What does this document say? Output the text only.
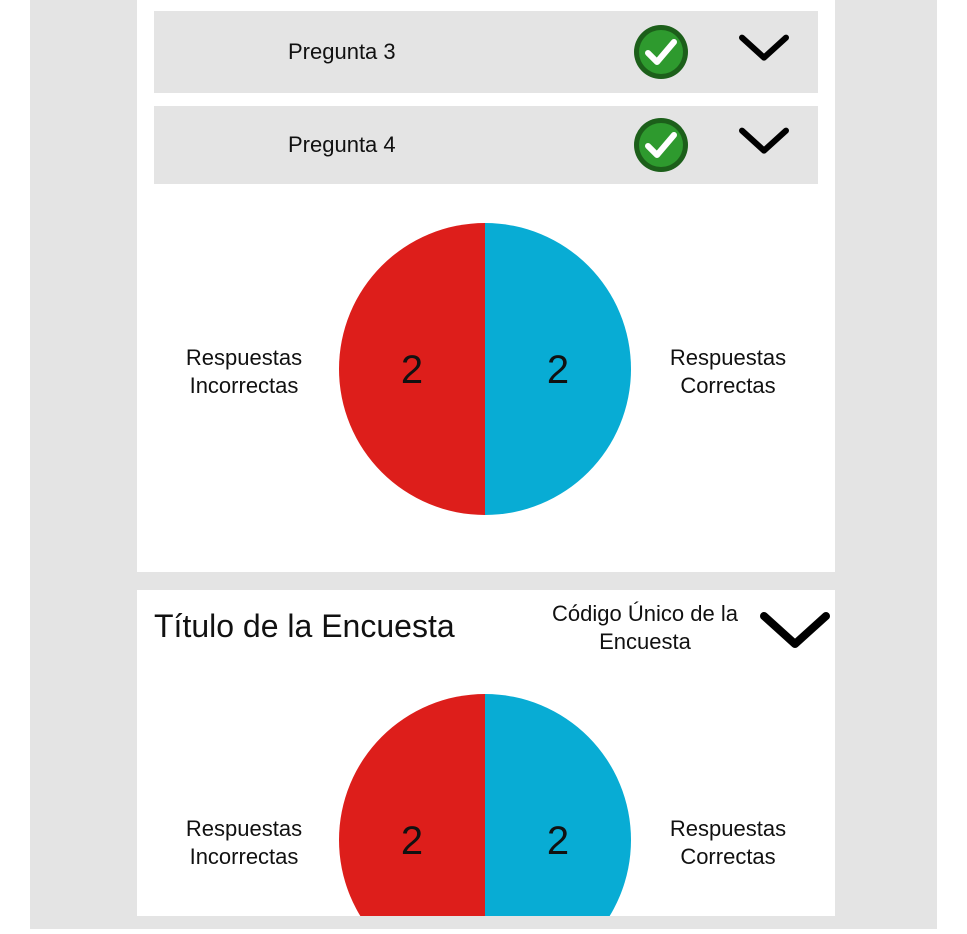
Pregunta 3
Pregunta 4
Respuestas
Incorrectas	2	2	Respuestas
Correctas
Título de la Encuesta	Código Único de la
Encuesta
Respuestas
Incorrectas	2	2	Respuestas
Correctas
